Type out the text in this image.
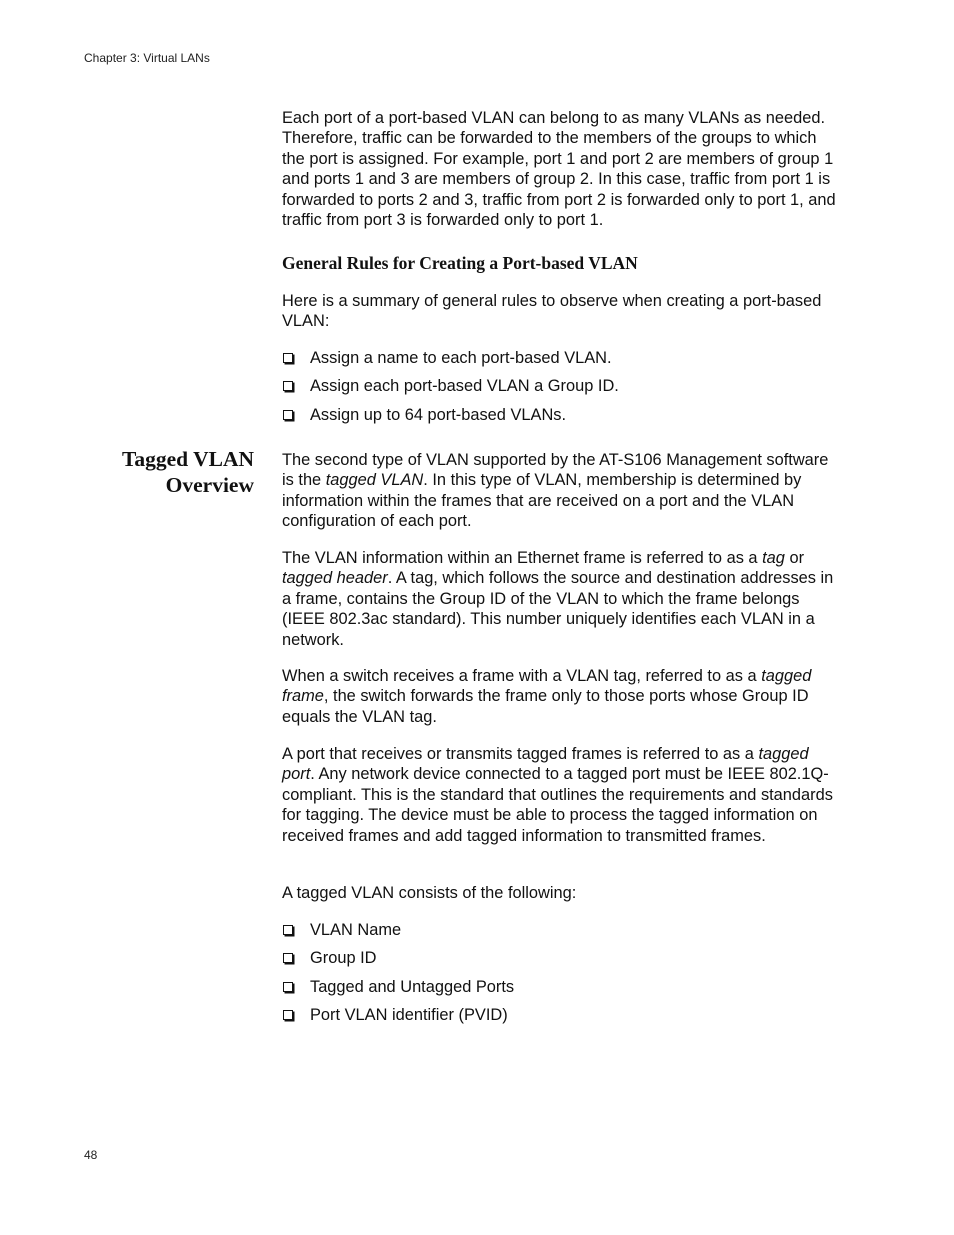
Chapter 3: Virtual LANs

Each port of a port-based VLAN can belong to as many VLANs as needed. Therefore, traffic can be forwarded to the members of the groups to which the port is assigned. For example, port 1 and port 2 are members of group 1 and ports 1 and 3 are members of group 2. In this case, traffic from port 1 is forwarded to ports 2 and 3, traffic from port 2 is forwarded only to port 1, and traffic from port 3 is forwarded only to port 1.

General Rules for Creating a Port-based VLAN

Here is a summary of general rules to observe when creating a port-based VLAN:

Assign a name to each port-based VLAN.
Assign each port-based VLAN a Group ID.
Assign up to 64 port-based VLANs.
Tagged VLAN
Overview

The second type of VLAN supported by the AT-S106 Management software is the tagged VLAN. In this type of VLAN, membership is determined by information within the frames that are received on a port and the VLAN configuration of each port.

The VLAN information within an Ethernet frame is referred to as a tag or tagged header. A tag, which follows the source and destination addresses in a frame, contains the Group ID of the VLAN to which the frame belongs (IEEE 802.3ac standard). This number uniquely identifies each VLAN in a network.

When a switch receives a frame with a VLAN tag, referred to as a tagged frame, the switch forwards the frame only to those ports whose Group ID equals the VLAN tag.

A port that receives or transmits tagged frames is referred to as a tagged port. Any network device connected to a tagged port must be IEEE 802.1Q-compliant. This is the standard that outlines the requirements and standards for tagging. The device must be able to process the tagged information on received frames and add tagged information to transmitted frames.

A tagged VLAN consists of the following:

VLAN Name
Group ID
Tagged and Untagged Ports
Port VLAN identifier (PVID)
48
